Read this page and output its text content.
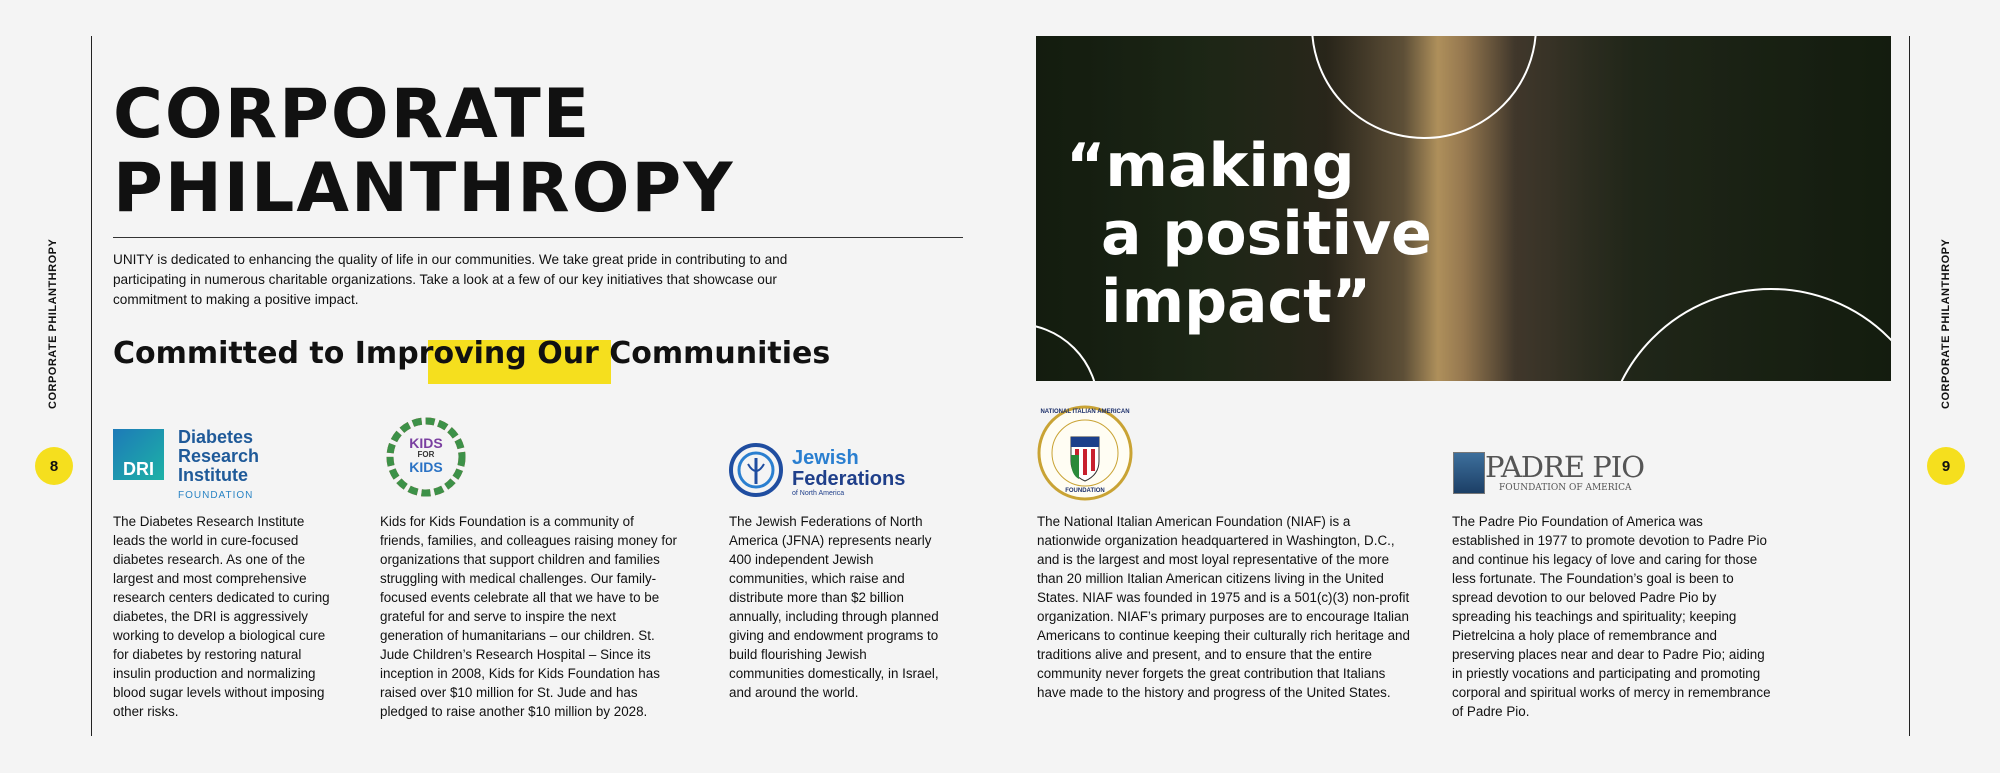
CORPORATE PHILANTHROPY	CORPORATE PHILANTHROPY
8	9
CORPORATE
PHILANTHROPY

UNITY is dedicated to enhancing the quality of life in our communities. We take great pride in contributing to and participating in numerous charitable organizations. Take a look at a few of our key initiatives that showcase our commitment to making a positive impact.

Committed to Improving Our Communities
“making
a positive
impact”
DRI
Diabetes
Research
Institute
FOUNDATION
KIDS
FOR
KIDS	Jewish
Federations
of North America
NATIONAL ITALIAN AMERICAN
FOUNDATION
PADRE PIO
FOUNDATION OF AMERICA

The Diabetes Research Institute leads the world in cure-focused diabetes research. As one of the largest and most comprehensive research centers dedicated to curing diabetes, the DRI is aggressively working to develop a biological cure for diabetes by restoring natural insulin production and normalizing blood sugar levels without imposing other risks.

Kids for Kids Foundation is a community of friends, families, and colleagues raising money for organizations that support children and families struggling with medical challenges. Our family-focused events celebrate all that we have to be grateful for and serve to inspire the next generation of humanitarians – our children. St. Jude Children’s Research Hospital – Since its inception in 2008, Kids for Kids Foundation has raised over $10 million for St. Jude and has pledged to raise another $10 million by 2028.

The Jewish Federations of North America (JFNA) represents nearly 400 independent Jewish communities, which raise and distribute more than $2 billion annually, including through planned giving and endowment programs to build flourishing Jewish communities domestically, in Israel, and around the world.

The National Italian American Foundation (NIAF) is a nationwide organization headquartered in Washington, D.C., and is the largest and most loyal representative of the more than 20 million Italian American citizens living in the United States. NIAF was founded in 1975 and is a 501(c)(3) non-profit organization. NIAF’s primary purposes are to encourage Italian Americans to continue keeping their culturally rich heritage and traditions alive and present, and to ensure that the entire community never forgets the great contribution that Italians have made to the history and progress of the United States.

The Padre Pio Foundation of America was established in 1977 to promote devotion to Padre Pio and continue his legacy of love and caring for those less fortunate. The Foundation’s goal is been to spread devotion to our beloved Padre Pio by spreading his teachings and spirituality; keeping Pietrelcina a holy place of remembrance and preserving places near and dear to Padre Pio; aiding in priestly vocations and participating and promoting corporal and spiritual works of mercy in remembrance of Padre Pio.
